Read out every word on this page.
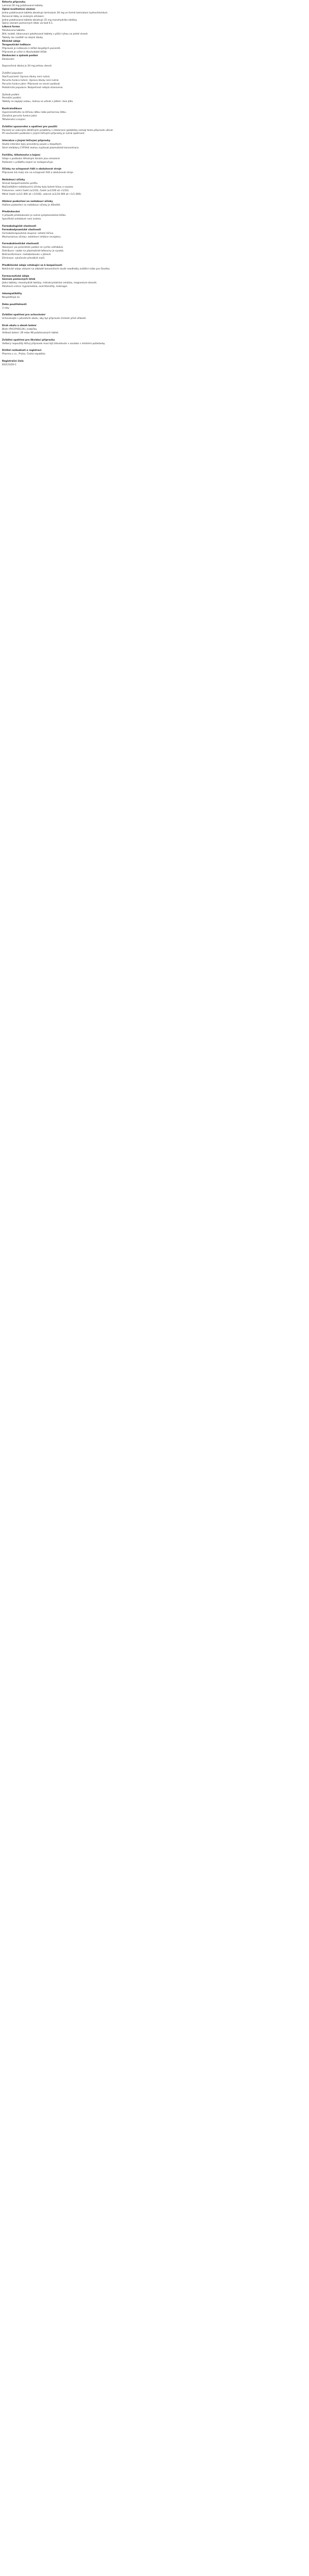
Rétorta přípravku
Laminal 20 mg potahované tablety
Úplné kvalitativní složení
Jedna potahovaná tableta obsahuje laminalum 20 mg ve formě laminalum hydrochloridum.
Pomocné látky se známým účinkem:
Jedna potahovaná tableta obsahuje 35 mg monohydrátu laktózy.
Úplný seznam pomocných látek viz bod 6.1.
Léková forma
Potahovaná tableta.
Bílé, kulaté, bikonvexní potahované tablety s půlicí rýhou na jedné straně.
Tablety lze rozdělit na stejné dávky.
Klinické údaje
Terapeutické indikace
Přípravek je indikován k léčbě dospělých pacientů.
Přípravek je určen k dlouhodobé léčbě.
Dávkování a způsob podání
Dávkování
Doporučená dávka je 20 mg jednou denně.
Zvláštní populace
Starší pacienti: Úprava dávky není nutná.
Porucha funkce ledvin: Úprava dávky není nutná.
Porucha funkce jater: Přípravek se nesmí podávat.
Pediatrická populace: Bezpečnost nebyla stanovena.
Způsob podání
Perorální podání.
Tablety se zapíjejí vodou, mohou se užívat s jídlem i bez jídla.
Kontraindikace
Hypersenzitivita na léčivou látku nebo pomocnou látku.
Závažná porucha funkce jater.
Těhotenství a kojení.
Zvláštní upozornění a opatření pro použití
Pacienti se vzácnými dědičnými problémy s intolerancí galaktózy nemají tento přípravek užívat.
Při současném podávání s jinými léčivými přípravky je nutná opatrnost.
Interakce s jinými léčivými přípravky
Studie interakcí byly provedeny pouze u dospělých.
Silné inhibitory CYP3A4 mohou zvyšovat plazmatické koncentrace.
Fertilita, těhotenství a kojení
Údaje o podávání těhotným ženám jsou omezené.
Podávání v průběhu kojení se nedoporučuje.
Účinky na schopnost řídit a obsluhovat stroje
Přípravek má malý vliv na schopnost řídit a obsluhovat stroje.
Nežádoucí účinky
Shrnutí bezpečnostního profilu
Nejčastějšími nežádoucími účinky byly bolest hlavy a nauzea.
Frekvence: velmi časté (≥1/10), časté (≥1/100 až <1/10).
Méně časté (≥1/1 000 až <1/100), vzácné (≥1/10 000 až <1/1 000).
Hlášení podezření na nežádoucí účinky
Hlášení podezření na nežádoucí účinky je důležité.
Předávkování
V případě předávkování je nutná symptomatická léčba.
Specifické antidotum není známo.
Farmakologické vlastnosti
Farmakodynamické vlastnosti
Farmakoterapeutická skupina: ostatní léčiva.
Mechanismus účinku: selektivní inhibice receptoru.
Farmakokinetické vlastnosti
Absorpce: po perorálním podání se rychle vstřebává.
Distribuce: vazba na plazmatické bílkoviny je vysoká.
Biotransformace: metabolizován v játrech.
Eliminace: vylučován převážně močí.
Předklinické údaje vztahující se k bezpečnosti
Neklinické údaje získané na základě konvenčních studií neodhalily zvláštní riziko pro člověka.
Farmaceutické údaje
Seznam pomocných látek
Jádro tablety: monohydrát laktózy, mikrokrystalická celulóza, magnesium-stearát.
Potahová vrstva: hypromelóza, oxid titaničitý, makrogol.
Inkompatibility
Neuplatňuje se.
Doba použitelnosti
3 roky
Zvláštní opatření pro uchovávání
Uchovávejte v původním obalu, aby byl přípravek chráněn před vlhkostí.
Druh obalu a obsah balení
Blistr (PVC/PVDC/Al), krabička.
Velikost balení: 28 nebo 98 potahovaných tablet.
Zvláštní opatření pro likvidaci přípravku
Veškerý nepoužitý léčivý přípravek musí být zlikvidován v souladu s místními požadavky.
Držitel rozhodnutí o registraci
Pharma s.r.o., Praha, Česká republika
Registrační číslo
83/123/20-C
